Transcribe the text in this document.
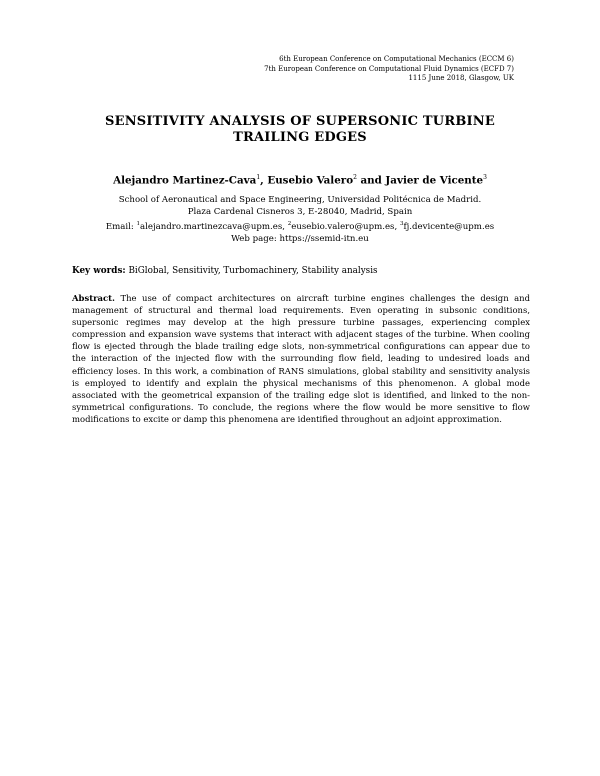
6th European Conference on Computational Mechanics (ECCM 6)
7th European Conference on Computational Fluid Dynamics (ECFD 7)
1115 June 2018, Glasgow, UK
SENSITIVITY ANALYSIS OF SUPERSONIC TURBINE
TRAILING EDGES
Alejandro Martinez-Cava$^1$, Eusebio Valero$^2$ and Javier de Vicente$^3$
School of Aeronautical and Space Engineering, Universidad Politécnica de Madrid.
Plaza Cardenal Cisneros 3, E-28040, Madrid, Spain
Email: $^1$alejandro.martinezcava@upm.es, $^2$eusebio.valero@upm.es, $^3$fj.devicente@upm.es
Web page: https://ssemid-itn.eu
Key words: BiGlobal, Sensitivity, Turbomachinery, Stability analysis
Abstract. The use of compact architectures on aircraft turbine engines challenges the design and management of structural and thermal load requirements. Even operating in subsonic conditions, supersonic regimes may develop at the high pressure turbine passages, experiencing complex compression and expansion wave systems that interact with adjacent stages of the turbine. When cooling flow is ejected through the blade trailing edge slots, non-symmetrical configurations can appear due to the interaction of the injected flow with the surrounding flow field, leading to undesired loads and efficiency loses. In this work, a combination of RANS simulations, global stability and sensitivity analysis is employed to identify and explain the physical mechanisms of this phenomenon. A global mode associated with the geometrical expansion of the trailing edge slot is identified, and linked to the non-symmetrical configurations. To conclude, the regions where the flow would be more sensitive to flow modifications to excite or damp this phenomena are identified throughout an adjoint approximation.
